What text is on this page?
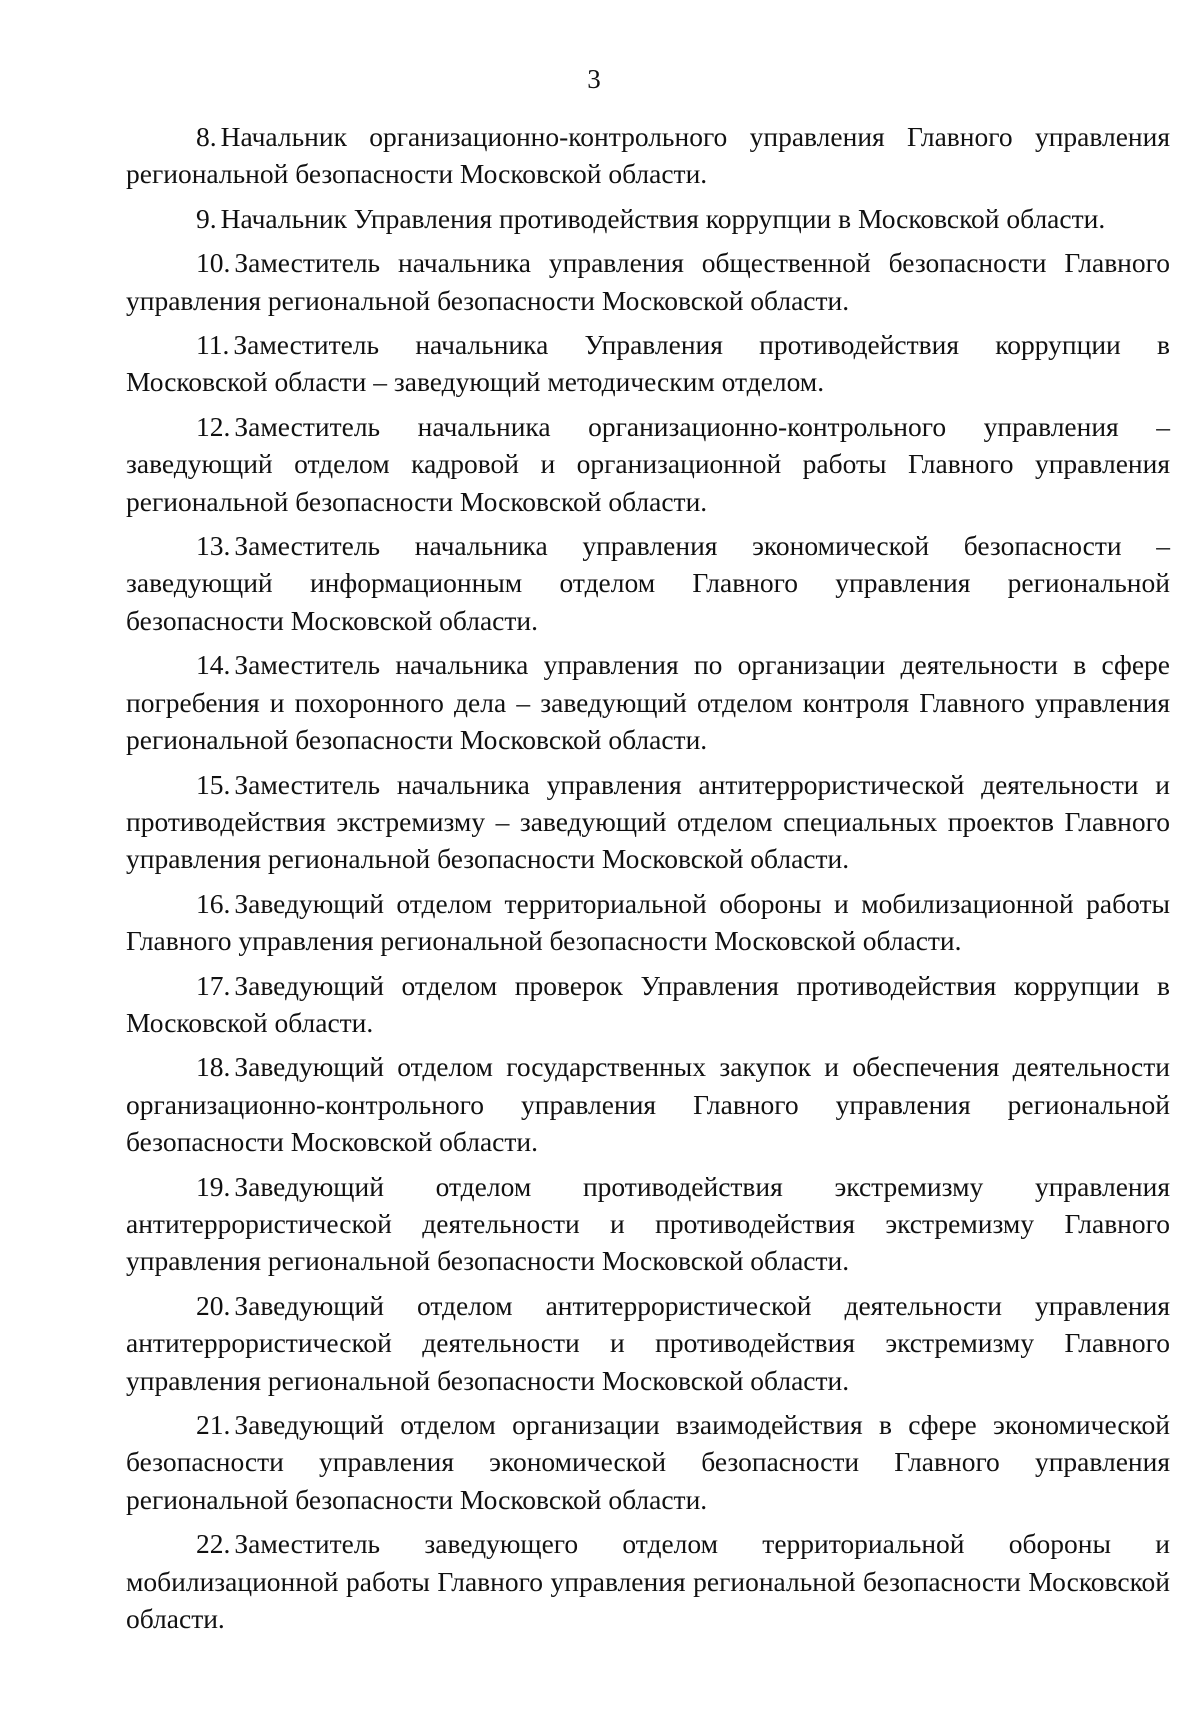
3

8. Начальник организационно-контрольного управления Главного управления региональной безопасности Московской области.

9. Начальник Управления противодействия коррупции в Московской области.

10. Заместитель начальника управления общественной безопасности Главного управления региональной безопасности Московской области.

11. Заместитель начальника Управления противодействия коррупции в Московской области – заведующий методическим отделом.

12. Заместитель начальника организационно-контрольного управления – заведующий отделом кадровой и организационной работы Главного управления региональной безопасности Московской области.

13. Заместитель начальника управления экономической безопасности – заведующий информационным отделом Главного управления региональной безопасности Московской области.

14. Заместитель начальника управления по организации деятельности в сфере погребения и похоронного дела – заведующий отделом контроля Главного управления региональной безопасности Московской области.

15. Заместитель начальника управления антитеррористической деятельности и противодействия экстремизму – заведующий отделом специальных проектов Главного управления региональной безопасности Московской области.

16. Заведующий отделом территориальной обороны и мобилизационной работы Главного управления региональной безопасности Московской области.

17. Заведующий отделом проверок Управления противодействия коррупции в Московской области.

18. Заведующий отделом государственных закупок и обеспечения деятельности организационно-контрольного управления Главного управления региональной безопасности Московской области.

19. Заведующий отделом противодействия экстремизму управления антитеррористической деятельности и противодействия экстремизму Главного управления региональной безопасности Московской области.

20. Заведующий отделом антитеррористической деятельности управления антитеррористической деятельности и противодействия экстремизму Главного управления региональной безопасности Московской области.

21. Заведующий отделом организации взаимодействия в сфере экономической безопасности управления экономической безопасности Главного управления региональной безопасности Московской области.

22. Заместитель заведующего отделом территориальной обороны и мобилизационной работы Главного управления региональной безопасности Московской области.
